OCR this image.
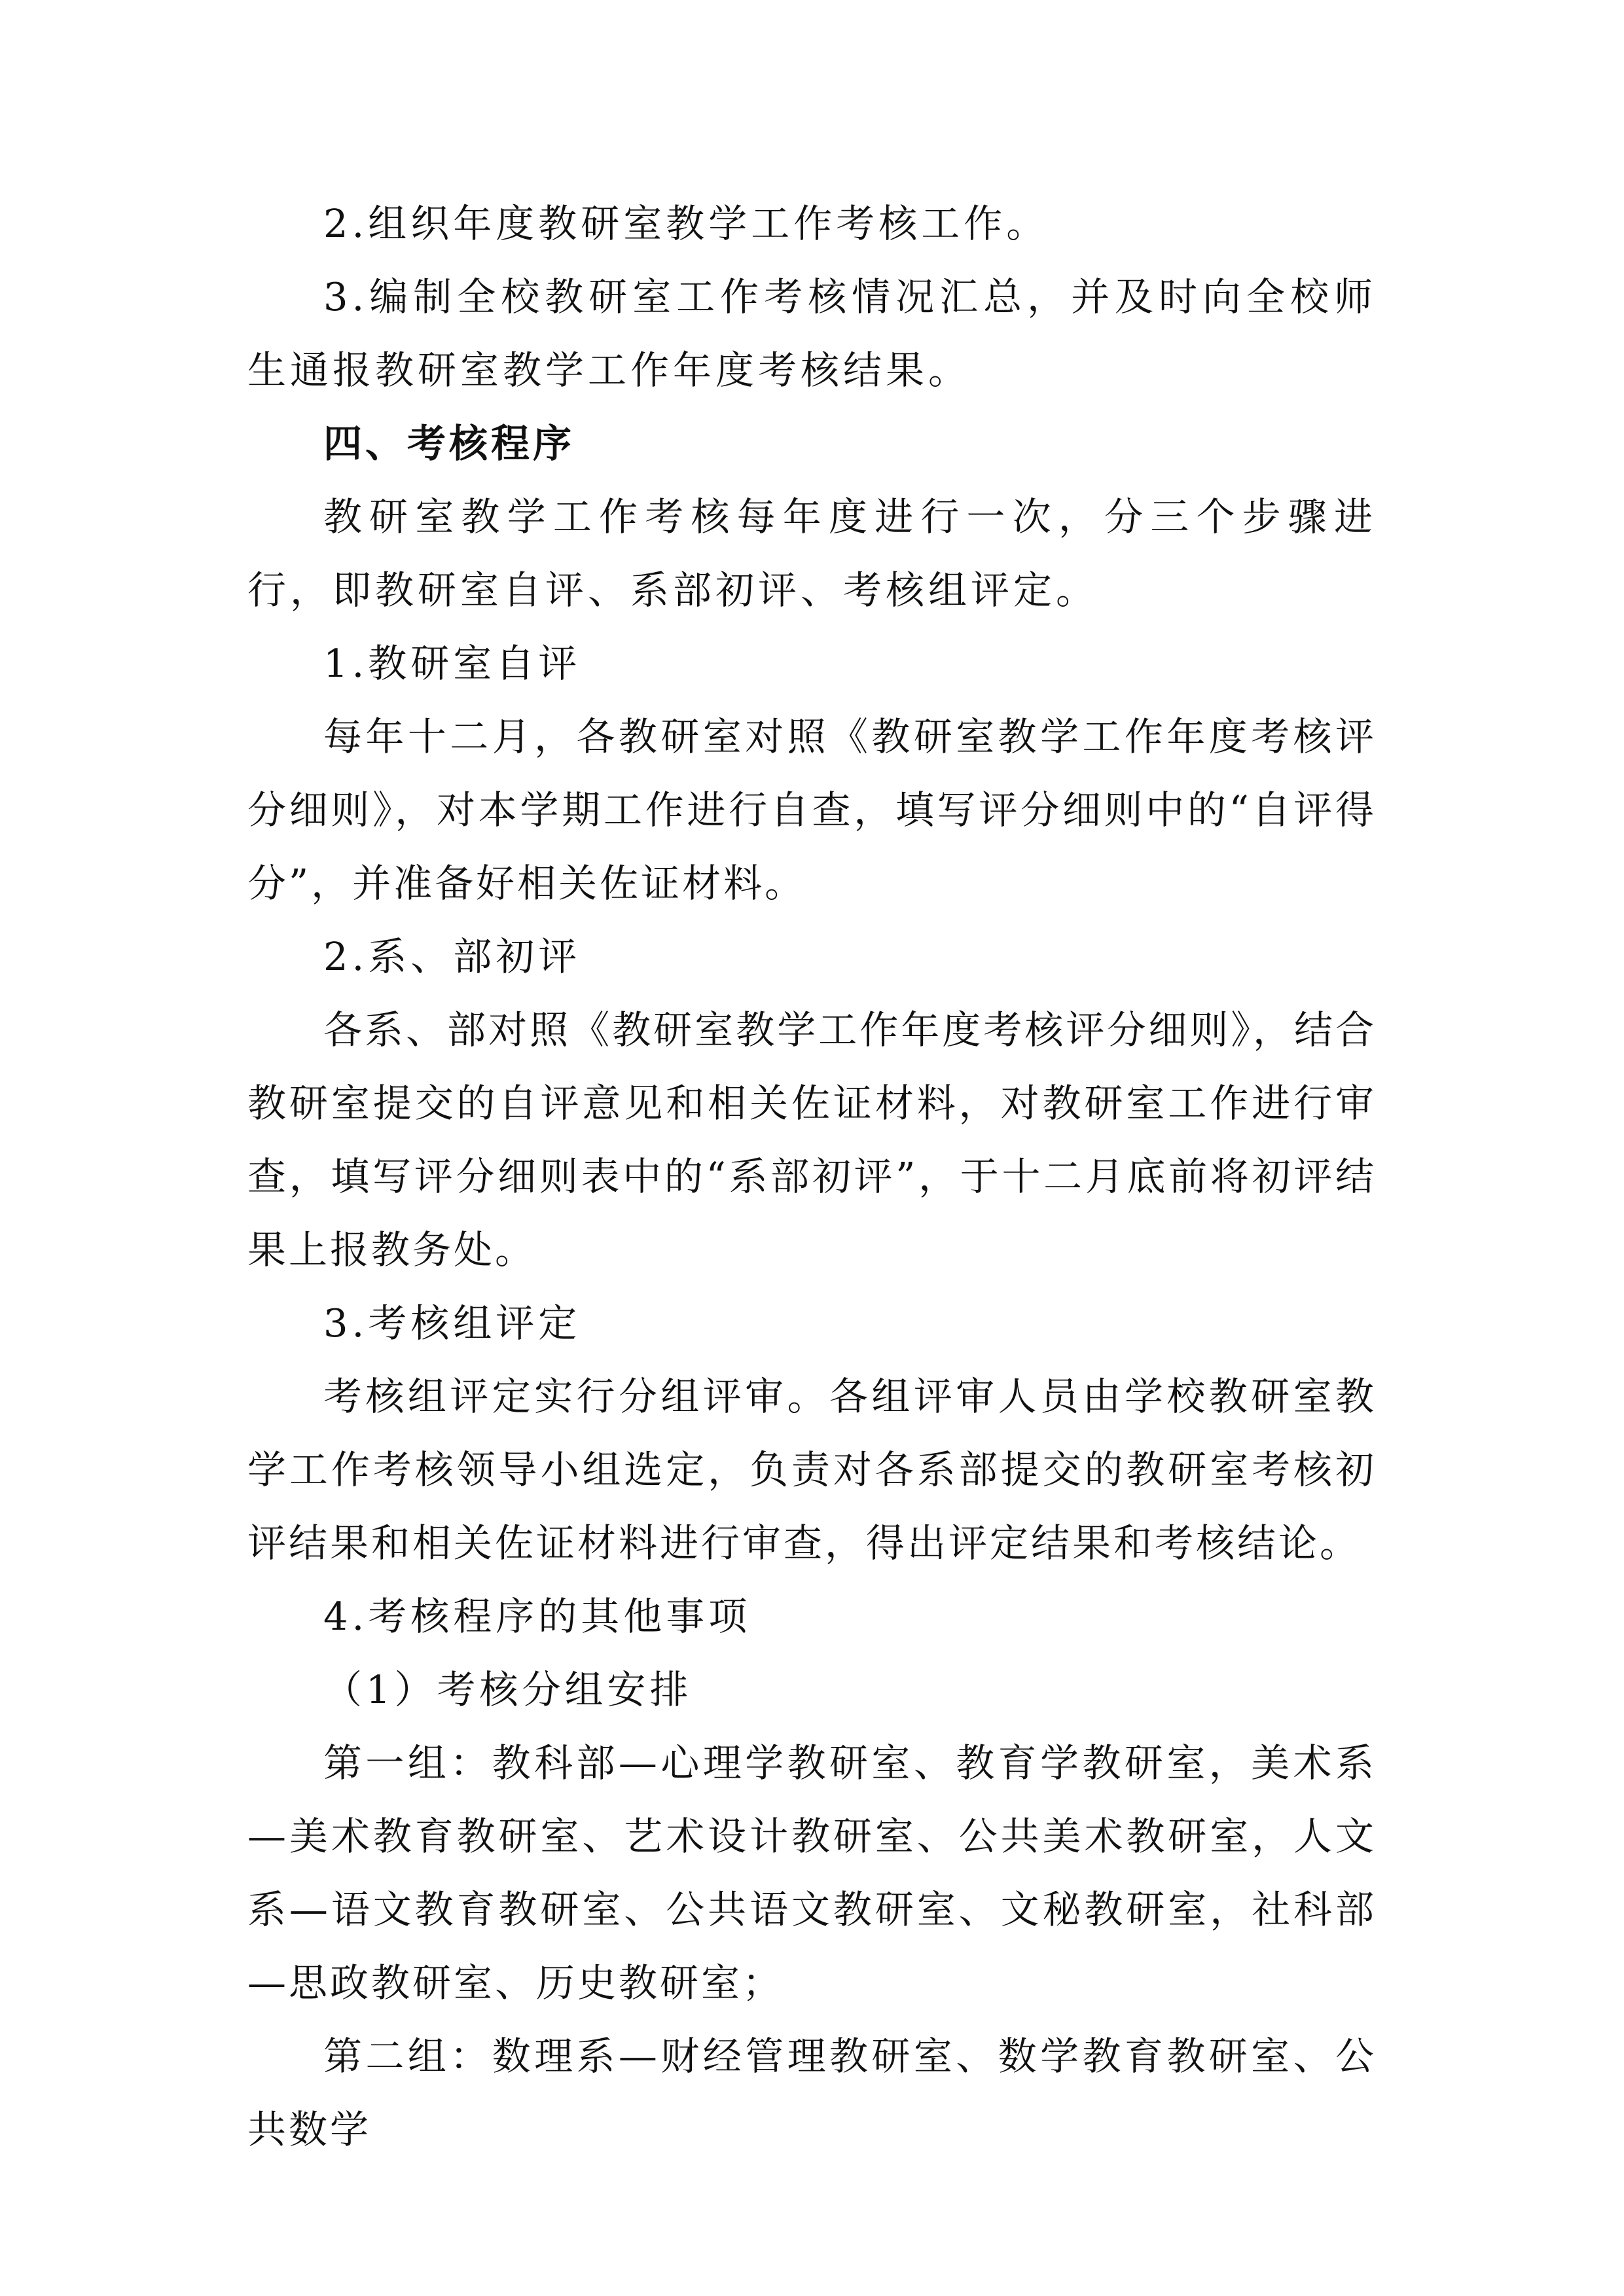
2.组织年度教研室教学工作考核工作。

3.编制全校教研室工作考核情况汇总，并及时向全校师生通报教研室教学工作年度考核结果。

四、考核程序

教研室教学工作考核每年度进行一次，分三个步骤进行，即教研室自评、系部初评、考核组评定。

1.教研室自评

每年十二月，各教研室对照《教研室教学工作年度考核评分细则》，对本学期工作进行自查，填写评分细则中的“自评得分”，并准备好相关佐证材料。

2.系、部初评

各系、部对照《教研室教学工作年度考核评分细则》，结合教研室提交的自评意见和相关佐证材料，对教研室工作进行审查，填写评分细则表中的“系部初评”，于十二月底前将初评结果上报教务处。

3.考核组评定

考核组评定实行分组评审。各组评审人员由学校教研室教学工作考核领导小组选定，负责对各系部提交的教研室考核初评结果和相关佐证材料进行审查，得出评定结果和考核结论。

4.考核程序的其他事项

（1）考核分组安排

第一组：教科部—心理学教研室、教育学教研室，美术系—美术教育教研室、艺术设计教研室、公共美术教研室，人文系—语文教育教研室、公共语文教研室、文秘教研室，社科部—思政教研室、历史教研室；

第二组：数理系—财经管理教研室、数学教育教研室、公共数学
